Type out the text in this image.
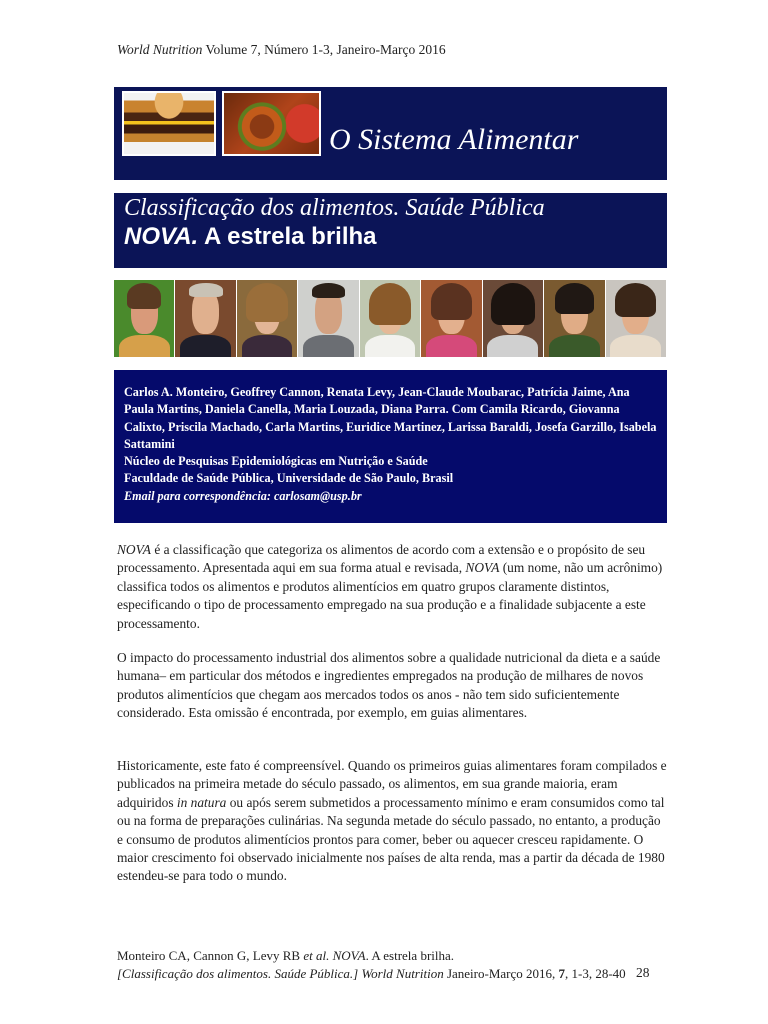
World Nutrition Volume 7, Número 1-3, Janeiro-Março 2016
O Sistema Alimentar
Classificação dos alimentos. Saúde Pública
NOVA. A estrela brilha
Carlos A. Monteiro, Geoffrey Cannon, Renata Levy, Jean-Claude Moubarac, Patrícia Jaime, Ana Paula Martins, Daniela Canella, Maria Louzada, Diana Parra. Com Camila Ricardo, Giovanna Calixto, Priscila Machado, Carla Martins, Euridice Martinez, Larissa Baraldi, Josefa Garzillo, Isabela Sattamini
Núcleo de Pesquisas Epidemiológicas em Nutrição e Saúde
Faculdade de Saúde Pública, Universidade de São Paulo, Brasil
Email para correspondência: carlosam@usp.br
NOVA é a classificação que categoriza os alimentos de acordo com a extensão e o propósito de seu processamento. Apresentada aqui em sua forma atual e revisada, NOVA (um nome, não um acrônimo) classifica todos os alimentos e produtos alimentícios em quatro grupos claramente distintos, especificando o tipo de processamento empregado na sua produção e a finalidade subjacente a este processamento.
O impacto do processamento industrial dos alimentos sobre a qualidade nutricional da dieta e a saúde humana– em particular dos métodos e ingredientes empregados na produção de milhares de novos produtos alimentícios que chegam aos mercados todos os anos - não tem sido suficientemente considerado. Esta omissão é encontrada, por exemplo, em guias alimentares.
Historicamente, este fato é compreensível. Quando os primeiros guias alimentares foram compilados e publicados na primeira metade do século passado, os alimentos, em sua grande maioria, eram adquiridos in natura ou após serem submetidos a processamento mínimo e eram consumidos como tal ou na forma de preparações culinárias. Na segunda metade do século passado, no entanto, a produção e consumo de produtos alimentícios prontos para comer, beber ou aquecer cresceu rapidamente. O maior crescimento foi observado inicialmente nos países de alta renda, mas a partir da década de 1980 estendeu-se para todo o mundo.
Monteiro CA, Cannon G, Levy RB et al. NOVA. A estrela brilha.
[Classificação dos alimentos. Saúde Pública.] World Nutrition Janeiro-Março 2016, 7, 1-3, 28-40 28
